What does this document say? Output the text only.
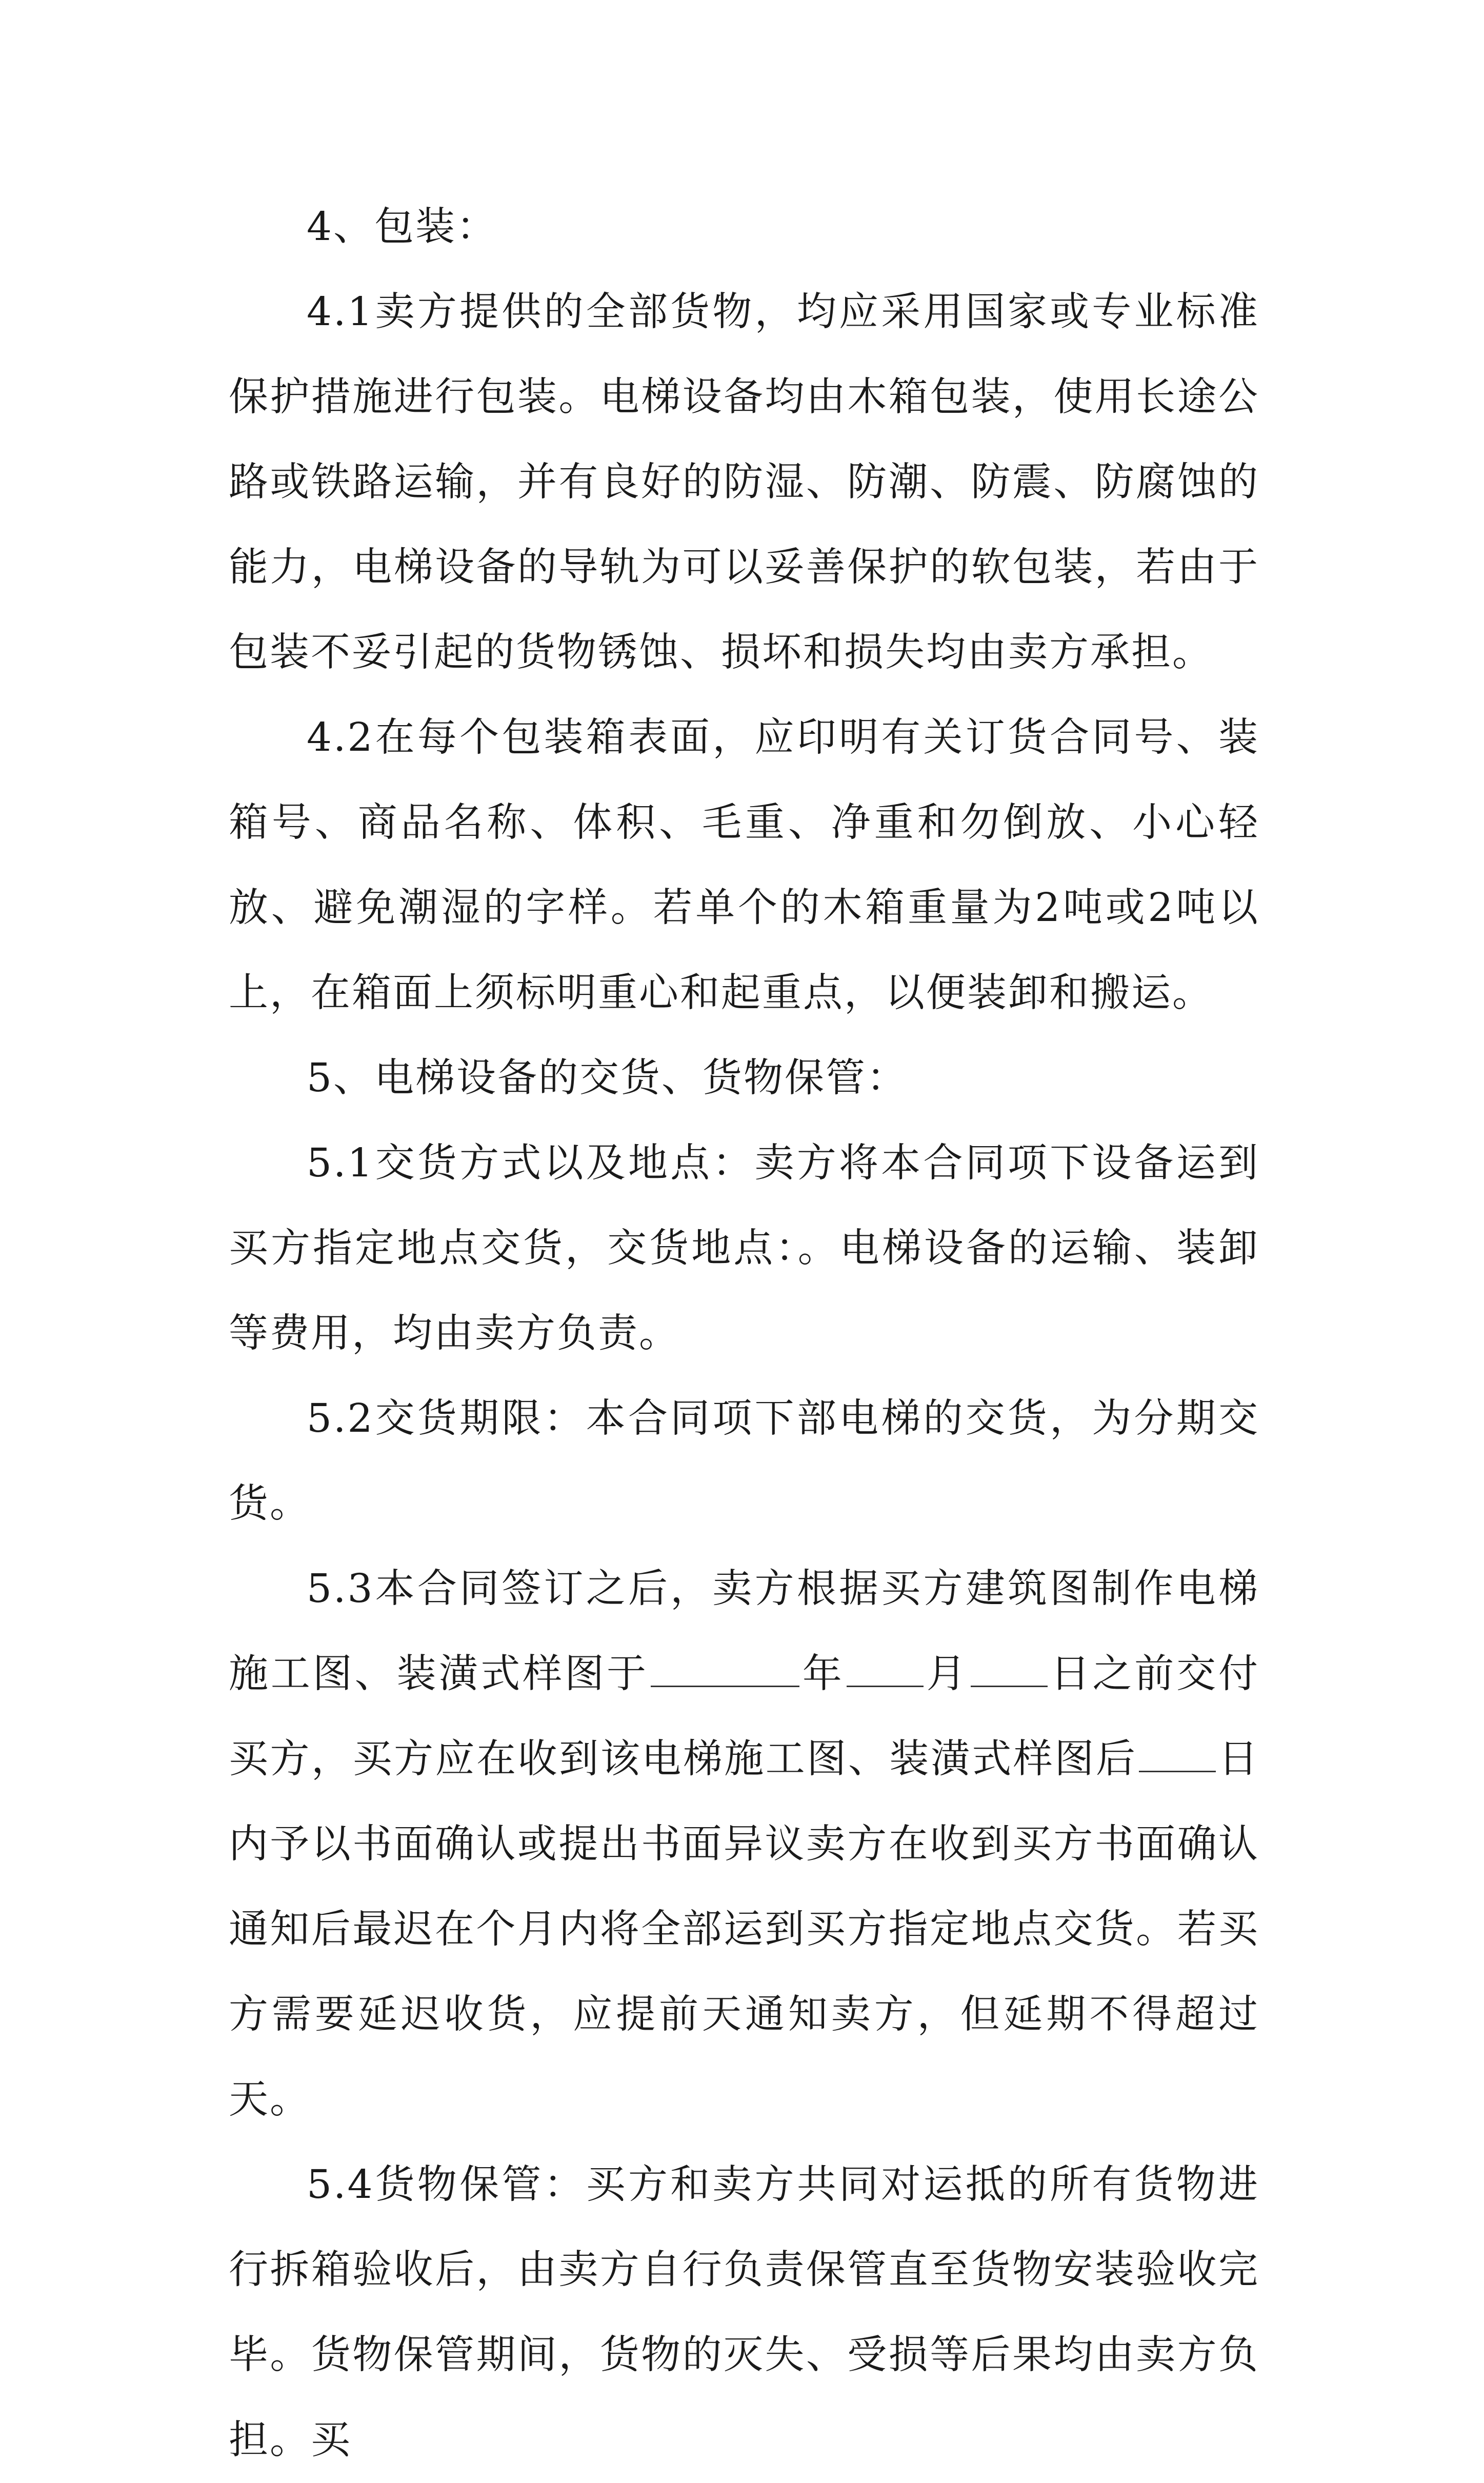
4、包装：

4.1卖方提供的全部货物，均应采用国家或专业标准保护措施进行包装。电梯设备均由木箱包装，使用长途公路或铁路运输，并有良好的防湿、防潮、防震、防腐蚀的能力，电梯设备的导轨为可以妥善保护的软包装，若由于包装不妥引起的货物锈蚀、损坏和损失均由卖方承担。

4.2在每个包装箱表面，应印明有关订货合同号、装箱号、商品名称、体积、毛重、净重和勿倒放、小心轻放、避免潮湿的字样。若单个的木箱重量为2吨或2吨以上，在箱面上须标明重心和起重点，以便装卸和搬运。

5、电梯设备的交货、货物保管：

5.1交货方式以及地点：卖方将本合同项下设备运到买方指定地点交货，交货地点：。电梯设备的运输、装卸等费用，均由卖方负责。

5.2交货期限：本合同项下部电梯的交货，为分期交货。

5.3本合同签订之后，卖方根据买方建筑图制作电梯施工图、装潢式样图于	年 月 日之前交付买方，买方应在收到该电梯施工图、装潢式样图后 日内予以书面确认或提出书面异议卖方在收到买方书面确认通知后最迟在个月内将全部运到买方指定地点交货。若买方需要延迟收货，应提前天通知卖方，但延期不得超过天。

5.4货物保管：买方和卖方共同对运抵的所有货物进行拆箱验收后，由卖方自行负责保管直至货物安装验收完毕。货物保管期间，货物的灭失、受损等后果均由卖方负担。买
